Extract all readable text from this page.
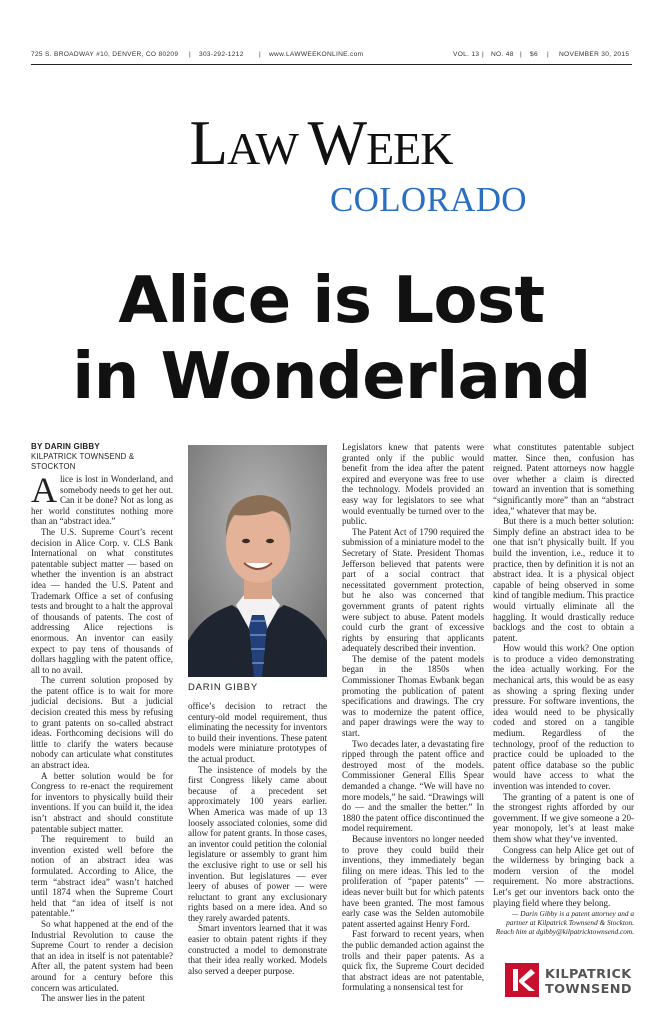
725 S. BROADWAY #10, DENVER, CO 80209 | 303-292-1212 | www.LAWWEEKONLINE.com	VOL. 13 | NO. 48 | $6 | NOVEMBER 30, 2015
LAW WEEK
COLORADO
Alice is Lost
in Wonderland
BY DARIN GIBBY
KILPATRICK TOWNSEND & STOCKTON

Alice is lost in Wonderland, and somebody needs to get her out. Can it be done? Not as long as her world constitutes nothing more than an “abstract idea.”

The U.S. Supreme Court’s recent decision in Alice Corp. v. CLS Bank International on what constitutes patentable subject matter — based on whether the invention is an abstract idea — handed the U.S. Patent and Trademark Office a set of confusing tests and brought to a halt the approval of thousands of patents. The cost of addressing Alice rejections is enormous. An inventor can easily expect to pay tens of thousands of dollars haggling with the patent office, all to no avail.

The current solution proposed by the patent office is to wait for more judicial decisions. But a judicial decision created this mess by refusing to grant patents on so-called abstract ideas. Forthcoming decisions will do little to clarify the waters because nobody can articulate what constitutes an abstract idea.

A better solution would be for Congress to re-enact the requirement for inventors to physically build their inventions. If you can build it, the idea isn’t abstract and should constitute patentable subject matter.

The requirement to build an invention existed well before the notion of an abstract idea was formulated. According to Alice, the term “abstract idea” wasn’t hatched until 1874 when the Supreme Court held that “an idea of itself is not patentable.”

So what happened at the end of the Industrial Revolution to cause the Supreme Court to render a decision that an idea in itself is not patentable? After all, the patent system had been around for a century before this concern was articulated.

The answer lies in the patent

DARIN GIBBY

office’s decision to retract the century-old model requirement, thus eliminating the necessity for inventors to build their inventions. These patent models were miniature prototypes of the actual product.

The insistence of models by the first Congress likely came about because of a precedent set approximately 100 years earlier. When America was made of up 13 loosely associated colonies, some did allow for patent grants. In those cases, an inventor could petition the colonial legislature or assembly to grant him the exclusive right to use or sell his invention. But legislatures — ever leery of abuses of power — were reluctant to grant any exclusionary rights based on a mere idea. And so they rarely awarded patents.

Smart inventors learned that it was easier to obtain patent rights if they constructed a model to demonstrate that their idea really worked. Models also served a deeper purpose.

Legislators knew that patents were granted only if the public would benefit from the idea after the patent expired and everyone was free to use the technology. Models provided an easy way for legislators to see what would eventually be turned over to the public.

The Patent Act of 1790 required the submission of a miniature model to the Secretary of State. President Thomas Jefferson believed that patents were part of a social contract that necessitated government protection, but he also was concerned that government grants of patent rights were subject to abuse. Patent models could curb the grant of excessive rights by ensuring that applicants adequately described their invention.

The demise of the patent models began in the 1850s when Commissioner Thomas Ewbank began promoting the publication of patent specifications and drawings. The cry was to modernize the patent office, and paper drawings were the way to start.

Two decades later, a devastating fire ripped through the patent office and destroyed most of the models. Commissioner General Ellis Spear demanded a change. “We will have no more models,” he said. “Drawings will do — and the smaller the better.” In 1880 the patent office discontinued the model requirement.

Because inventors no longer needed to prove they could build their inventions, they immediately began filing on mere ideas. This led to the proliferation of “paper patents” — ideas never built but for which patents have been granted. The most famous early case was the Selden automobile patent asserted against Henry Ford.

Fast forward to recent years, when the public demanded action against the trolls and their paper patents. As a quick fix, the Supreme Court decided that abstract ideas are not patentable, formulating a nonsensical test for

what constitutes patentable subject matter. Since then, confusion has reigned. Patent attorneys now haggle over whether a claim is directed toward an invention that is something “significantly more” than an “abstract idea,” whatever that may be.

But there is a much better solution: Simply define an abstract idea to be one that isn’t physically built. If you build the invention, i.e., reduce it to practice, then by definition it is not an abstract idea. It is a physical object capable of being observed in some kind of tangible medium. This practice would virtually eliminate all the haggling. It would drastically reduce backlogs and the cost to obtain a patent.

How would this work? One option is to produce a video demonstrating the idea actually working. For the mechanical arts, this would be as easy as showing a spring flexing under pressure. For software inventions, the idea would need to be physically coded and stored on a tangible medium. Regardless of the technology, proof of the reduction to practice could be uploaded to the patent office database so the public would have access to what the invention was intended to cover.

The granting of a patent is one of the strongest rights afforded by our government. If we give someone a 20-year monopoly, let’s at least make them show what they’ve invented.

Congress can help Alice get out of the wilderness by bringing back a modern version of the model requirement. No more abstractions. Let’s get our inventors back onto the playing field where they belong.

— Darin Gibby is a patent attorney and a partner at Kilpatrick Townsend & Stockton. Reach him at dgibby@kilpatricktownsend.com.

KILPATRICK
TOWNSEND
